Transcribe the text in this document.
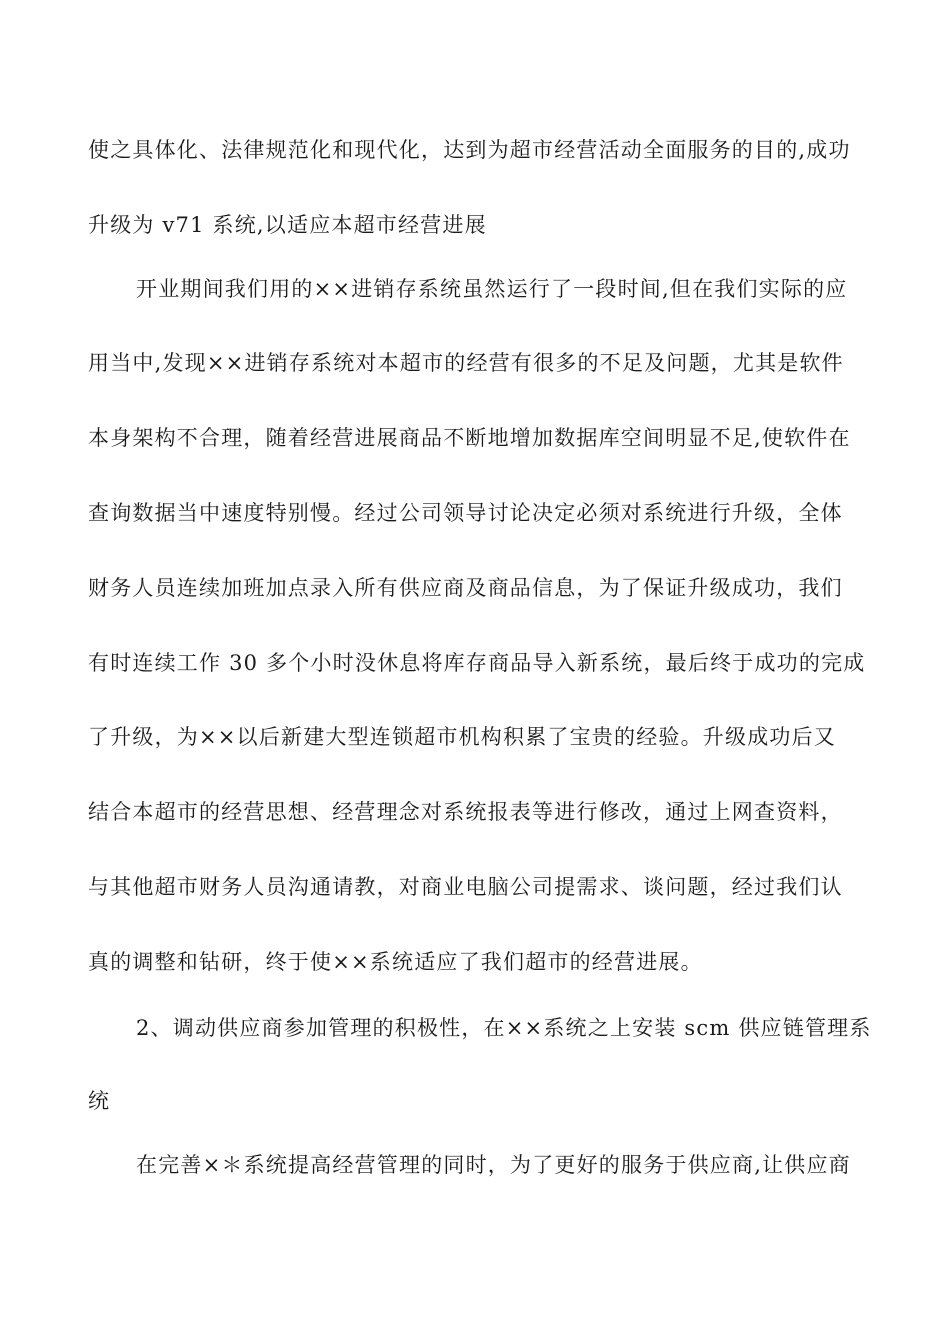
使之具体化、法律规范化和现代化，达到为超市经营活动全面服务的目的,成功
升级为 v71 系统,以适应本超市经营进展
开业期间我们用的××进销存系统虽然运行了一段时间,但在我们实际的应
用当中,发现××进销存系统对本超市的经营有很多的不足及问题，尤其是软件
本身架构不合理，随着经营进展商品不断地增加数据库空间明显不足,使软件在
查询数据当中速度特别慢。经过公司领导讨论决定必须对系统进行升级，全体
财务人员连续加班加点录入所有供应商及商品信息，为了保证升级成功，我们
有时连续工作 30 多个小时没休息将库存商品导入新系统，最后终于成功的完成
了升级，为××以后新建大型连锁超市机构积累了宝贵的经验。升级成功后又
结合本超市的经营思想、经营理念对系统报表等进行修改，通过上网查资料，
与其他超市财务人员沟通请教，对商业电脑公司提需求、谈问题，经过我们认
真的调整和钻研，终于使××系统适应了我们超市的经营进展。
2、调动供应商参加管理的积极性，在××系统之上安装 scm 供应链管理系
统
在完善×＊系统提高经营管理的同时，为了更好的服务于供应商,让供应商
